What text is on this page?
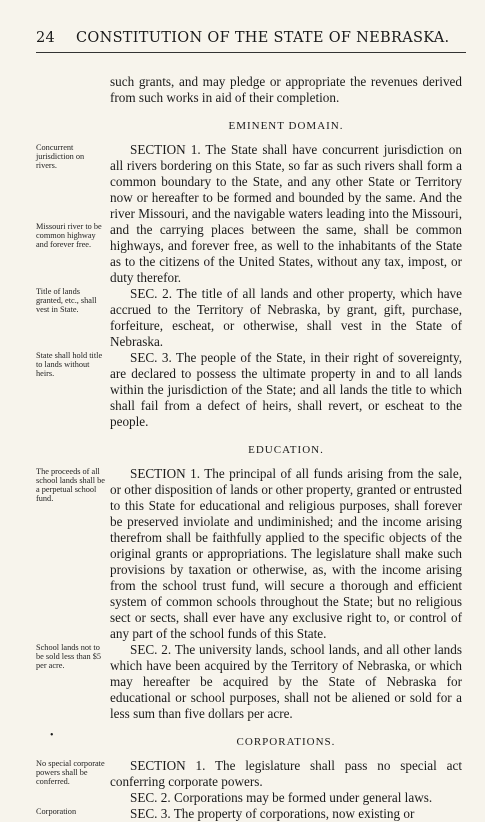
24 CONSTITUTION OF THE STATE OF NEBRASKA.
such grants, and may pledge or appropriate the revenues derived from such works in aid of their completion.
EMINENT DOMAIN.
SECTION 1. The State shall have concurrent jurisdiction on all rivers bordering on this State, so far as such rivers shall form a common boundary to the State, and any other State or Territory now or hereafter to be formed and bounded by the same. And the river Missouri, and the navigable waters leading into the Missouri, and the carrying places between the same, shall be common highways, and forever free, as well to the inhabitants of the State as to the citizens of the United States, without any tax, impost, or duty therefor.
Concurrent jurisdiction on rivers.
Missouri river to be common highway and forever free.
SEC. 2. The title of all lands and other property, which have accrued to the Territory of Nebraska, by grant, gift, purchase, forfeiture, escheat, or otherwise, shall vest in the State of Nebraska.
Title of lands granted, etc., shall vest in State.
SEC. 3. The people of the State, in their right of sovereignty, are declared to possess the ultimate property in and to all lands within the jurisdiction of the State; and all lands the title to which shall fail from a defect of heirs, shall revert, or escheat to the people.
State shall hold title to lands without heirs.
EDUCATION.
SECTION 1. The principal of all funds arising from the sale, or other disposition of lands or other property, granted or entrusted to this State for educational and religious purposes, shall forever be preserved inviolate and undiminished; and the income arising therefrom shall be faithfully applied to the specific objects of the original grants or appropriations. The legislature shall make such provisions by taxation or otherwise, as, with the income arising from the school trust fund, will secure a thorough and efficient system of common schools throughout the State; but no religious sect or sects, shall ever have any exclusive right to, or control of any part of the school funds of this State.
The proceeds of all school lands shall be a perpetual school fund.
SEC. 2. The university lands, school lands, and all other lands which have been acquired by the Territory of Nebraska, or which may hereafter be acquired by the State of Nebraska for educational or school purposes, shall not be aliened or sold for a less sum than five dollars per acre.
School lands not to be sold less than $5 per acre.
CORPORATIONS.
•
SECTION 1. The legislature shall pass no special act conferring corporate powers.
No special corporate powers shall be conferred.
SEC. 2. Corporations may be formed under general laws.
SEC. 3. The property of corporations, now existing or
Corporation
